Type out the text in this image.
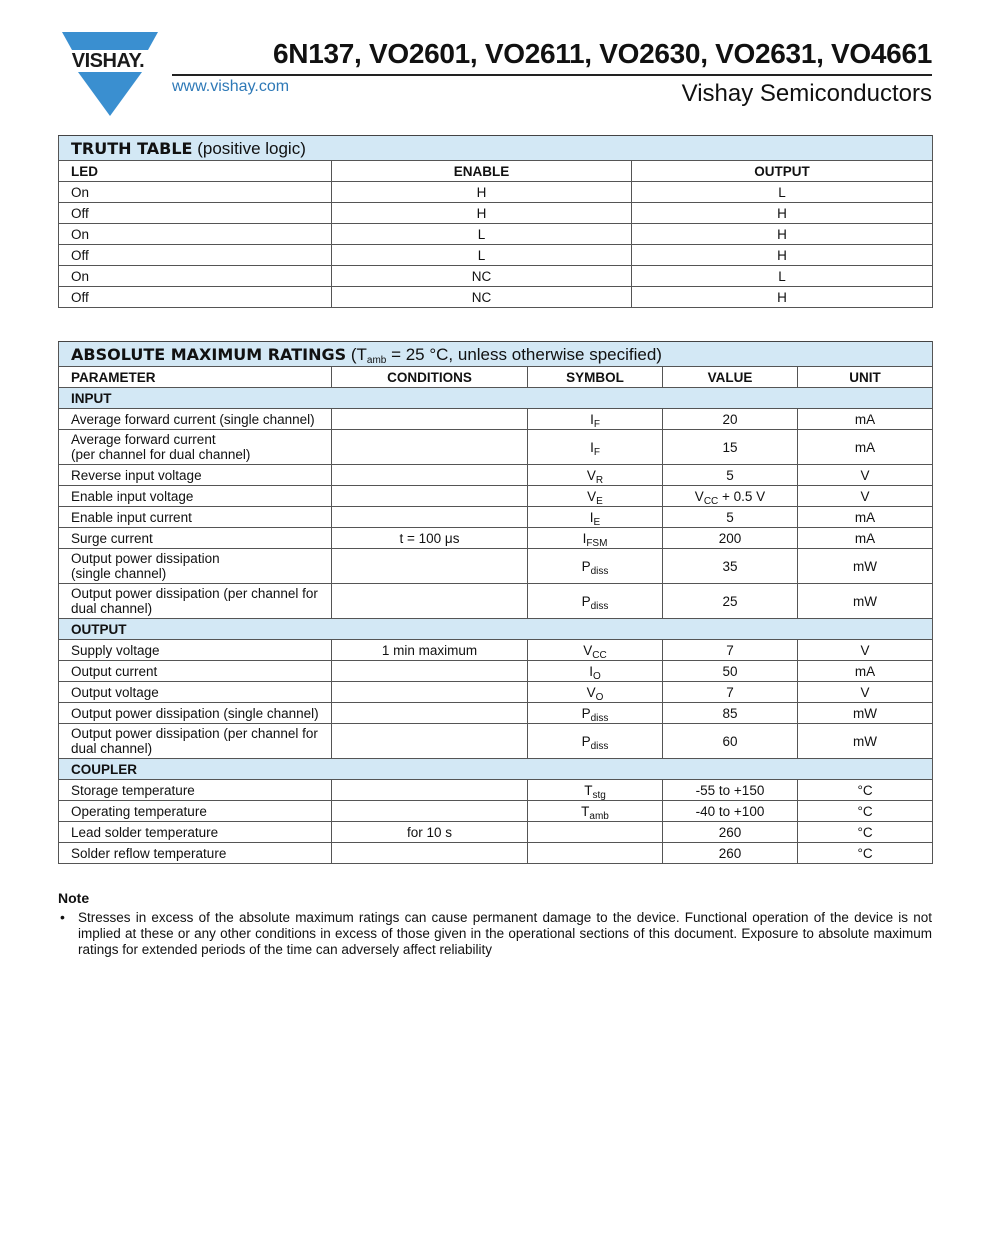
VISHAY.	6N137, VO2601, VO2611, VO2630, VO2631, VO4661
www.vishay.com	Vishay Semiconductors
TRUTH TABLE (positive logic)		
LED	ENABLE	OUTPUT
On	H	L
Off	H	H
On	L	H
Off	L	H
On	NC	L
Off	NC	H
ABSOLUTE MAXIMUM RATINGS ($T_{amb} = 25$ °C, unless otherwise specified)				
PARAMETER	CONDITIONS	SYMBOL	VALUE	UNIT
INPUT				
Average forward current (single channel)		$I_F$	20	mA
Average forward current
(per channel for dual channel)		$I_F$	15	mA
Reverse input voltage		$V_R$	5	V
Enable input voltage		$V_E$	$V_{CC} + 0.5$ V	V
Enable input current		$I_E$	5	mA
Surge current	t = 100 μs	$I_{FSM}$	200	mA
Output power dissipation
(single channel)		$P_{diss}$	35	mW
Output power dissipation (per channel for
dual channel)		$P_{diss}$	25	mW
OUTPUT				
Supply voltage	1 min maximum	$V_{CC}$	7	V
Output current		$I_O$	50	mA
Output voltage		$V_O$	7	V
Output power dissipation (single channel)		$P_{diss}$	85	mW
Output power dissipation (per channel for
dual channel)		$P_{diss}$	60	mW
COUPLER				
Storage temperature		$T_{stg}$	-55 to +150	°C
Operating temperature		$T_{amb}$	-40 to +100	°C
Lead solder temperature	for 10 s		260	°C
Solder reflow temperature			260	°C
Note
• Stresses in excess of the absolute maximum ratings can cause permanent damage to the device. Functional operation of the device is not implied at these or any other conditions in excess of those given in the operational sections of this document. Exposure to absolute maximum ratings for extended periods of the time can adversely affect reliability
